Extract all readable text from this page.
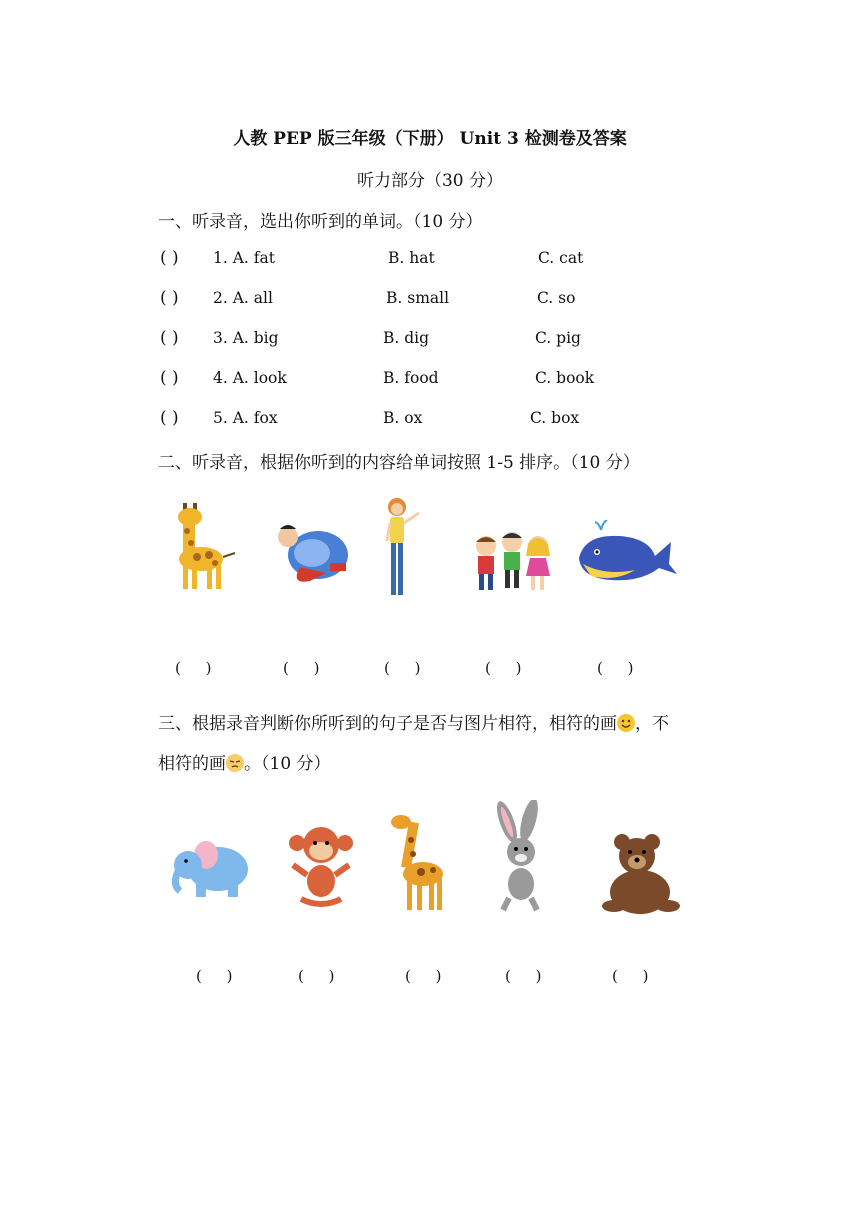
人教 PEP 版三年级（下册） Unit 3 检测卷及答案
听力部分（30 分）
一、听录音，选出你听到的单词。（10 分）
( ) 1. A. fat	B. hat	C. cat
( ) 2. A. all	B. small	C. so
( ) 3. A. big	B. dig	C. pig
( ) 4. A. look	B. food	C. book
( ) 5. A. fox	B. ox	C. box
二、听录音，根据你听到的内容给单词按照 1-5 排序。（10 分）
( )	( )	( )	( )	( )
三、根据录音判断你所听到的句子是否与图片相符，相符的画 ，不
相符的画 。（10 分）
( )	( )	( )	( )	( )
